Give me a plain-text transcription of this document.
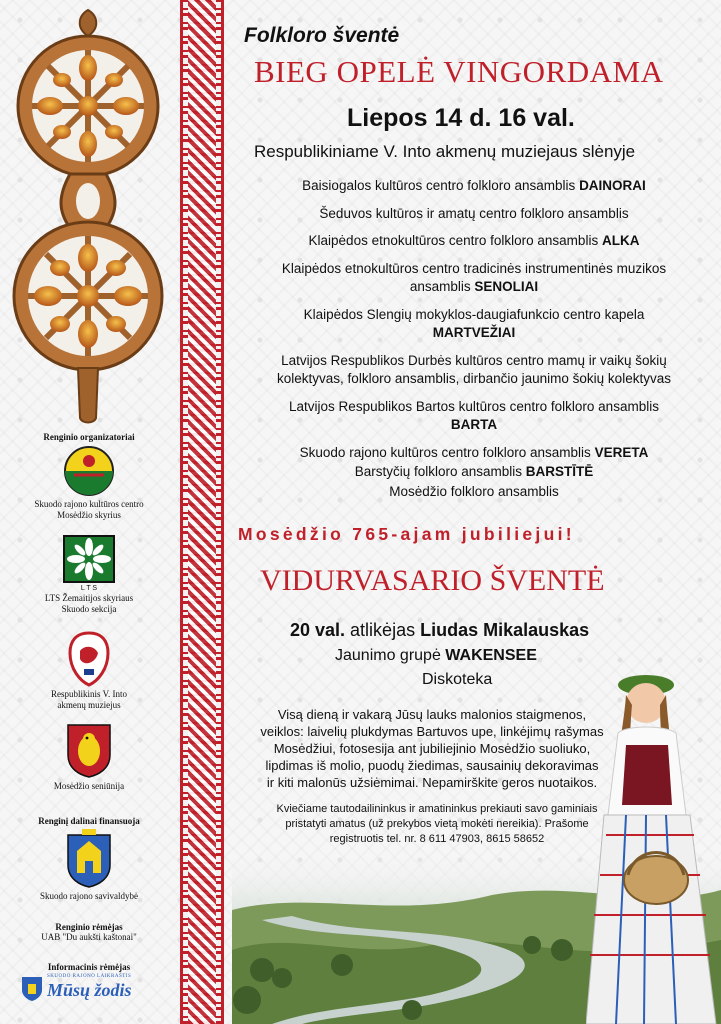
Renginio organizatoriai
Skuodo rajono kultūros centro
Mosėdžio skyrius
L T S
LTS Žemaitijos skyriaus
Skuodo sekcija
Respublikinis V. Into
akmenų muziejus
Mosėdžio seniūnija
Renginį dalinai finansuoja
Skuodo rajono savivaldybė
Renginio rėmėjas
UAB "Du aukšti kaštonai"
Informacinis rėmėjas
SKUODO RAJONO LAIKRAŠTIS
Mūsų žodis
Folkloro šventė
BIEG OPELĖ VINGORDAMA
Liepos 14 d. 16 val.
Respublikiniame V. Into akmenų muziejaus slėnyje
Baisiogalos kultūros centro folkloro ansamblis DAINORAI
Šeduvos kultūros ir amatų centro folkloro ansamblis
Klaipėdos etnokultūros centro folkloro ansamblis ALKA
Klaipėdos etnokultūros centro tradicinės instrumentinės muzikos
ansamblis SENOLIAI
Klaipėdos Slengių mokyklos-daugiafunkcio centro kapela
MARTVEŽIAI
Latvijos Respublikos Durbės kultūros centro mamų ir vaikų šokių
kolektyvas, folkloro ansamblis, dirbančio jaunimo šokių kolektyvas
Latvijos Respublikos Bartos kultūros centro folkloro ansamblis
BARTA
Skuodo rajono kultūros centro folkloro ansamblis VERETA
Barstyčių folkloro ansamblis BARSTĪTĒ
Mosėdžio folkloro ansamblis
Mosėdžio 765-ajam jubiliejui!
VIDURVASARIO ŠVENTĖ
20 val. atlikėjas Liudas Mikalauskas
Jaunimo grupė WAKENSEE
Diskoteka
Visą dieną ir vakarą Jūsų lauks malonios staigmenos,
veiklos: laivelių plukdymas Bartuvos upe, linkėjimų rašymas
Mosėdžiui, fotosesija ant jubiliejinio Mosėdžio suoliuko,
lipdimas iš molio, puodų žiedimas, sausainių dekoravimas
ir kiti malonūs užsiėmimai. Nepamirškite geros nuotaikos.
Kviečiame tautodailininkus ir amatininkus prekiauti savo gaminiais
pristatyti amatus (už prekybos vietą mokėti nereikia). Prašome
registruotis tel. nr. 8 611 47903, 8615 58652
